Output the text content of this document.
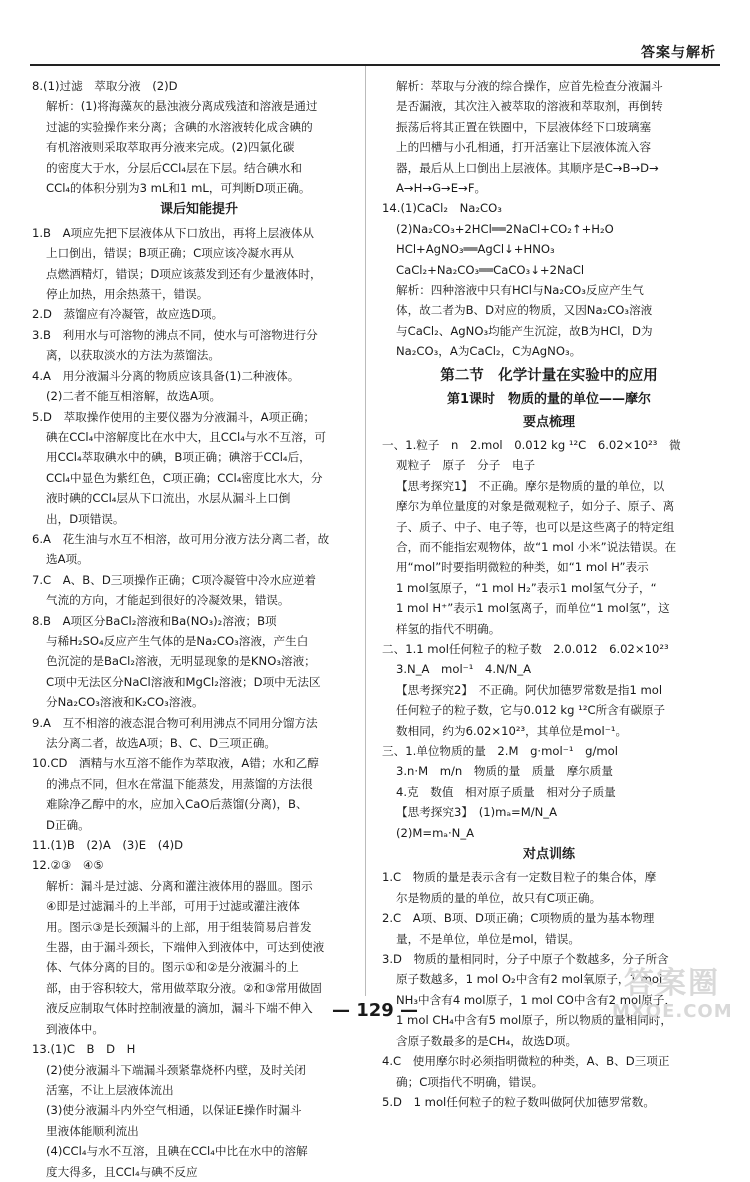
答案与解析

8.(1)过滤　萃取分液　(2)D

解析：(1)将海藻灰的悬浊液分离成残渣和溶液是通过

过滤的实验操作来分离；含碘的水溶液转化成含碘的

有机溶液则采取萃取再分液来完成。(2)四氯化碳

的密度大于水，分层后CCl₄层在下层。结合碘水和

CCl₄的体积分别为3 mL和1 mL，可判断D项正确。

课后知能提升

1.B　A项应先把下层液体从下口放出，再将上层液体从

上口倒出，错误；B项正确；C项应该冷凝水再从

点燃酒精灯，错误；D项应该蒸发到还有少量液体时，

停止加热，用余热蒸干，错误。

2.D　蒸馏应有冷凝管，故应选D项。

3.B　利用水与可溶物的沸点不同，使水与可溶物进行分

离，以获取淡水的方法为蒸馏法。

4.A　用分液漏斗分离的物质应该具备(1)二种液体。

(2)二者不能互相溶解，故选A项。

5.D　萃取操作使用的主要仪器为分液漏斗，A项正确；

碘在CCl₄中溶解度比在水中大，且CCl₄与水不互溶，可

用CCl₄萃取碘水中的碘，B项正确；碘溶于CCl₄后，

CCl₄中显色为紫红色，C项正确；CCl₄密度比水大，分

液时碘的CCl₄层从下口流出，水层从漏斗上口倒

出，D项错误。

6.A　花生油与水互不相溶，故可用分液方法分离二者，故

选A项。

7.C　A、B、D三项操作正确；C项冷凝管中冷水应逆着

气流的方向，才能起到很好的冷凝效果，错误。

8.B　A项区分BaCl₂溶液和Ba(NO₃)₂溶液；B项

与稀H₂SO₄反应产生气体的是Na₂CO₃溶液，产生白

色沉淀的是BaCl₂溶液，无明显现象的是KNO₃溶液；

C项中无法区分NaCl溶液和MgCl₂溶液；D项中无法区

分Na₂CO₃溶液和K₂CO₃溶液。

9.A　互不相溶的液态混合物可利用沸点不同用分馏方法

法分离二者，故选A项；B、C、D三项正确。

10.CD　酒精与水互溶不能作为萃取液，A错；水和乙醇

的沸点不同，但水在常温下能蒸发，用蒸馏的方法很

难除净乙醇中的水，应加入CaO后蒸馏(分离)，B、

D正确。

11.(1)B　(2)A　(3)E　(4)D

12.②③　④⑤

解析：漏斗是过滤、分离和灌注液体用的器皿。图示

④即是过滤漏斗的上半部，可用于过滤或灌注液体

用。图示③是长颈漏斗的上部，用于组装简易启普发

生器，由于漏斗颈长，下端伸入到液体中，可达到使液

体、气体分离的目的。图示①和②是分液漏斗的上

部，由于容积较大，常用做萃取分液。②和③常用做固

液反应制取气体时控制液量的滴加，漏斗下端不伸入

到液体中。

13.(1)C　B　D　H

(2)使分液漏斗下端漏斗颈紧靠烧杯内壁，及时关闭

活塞，不让上层液体流出

(3)使分液漏斗内外空气相通，以保证E操作时漏斗

里液体能顺利流出

(4)CCl₄与水不互溶，且碘在CCl₄中比在水中的溶解

度大得多，且CCl₄与碘不反应

解析：萃取与分液的综合操作，应首先检查分液漏斗

是否漏液，其次注入被萃取的溶液和萃取剂，再倒转

振荡后将其正置在铁圈中，下层液体经下口玻璃塞

上的凹槽与小孔相通，打开活塞让下层液体流入容

器，最后从上口倒出上层液体。其顺序是C→B→D→

A→H→G→E→F。

14.(1)CaCl₂　Na₂CO₃

(2)Na₂CO₃+2HCl══2NaCl+CO₂↑+H₂O

HCl+AgNO₃══AgCl↓+HNO₃

CaCl₂+Na₂CO₃══CaCO₃↓+2NaCl

解析：四种溶液中只有HCl与Na₂CO₃反应产生气

体，故二者为B、D对应的物质，又因Na₂CO₃溶液

与CaCl₂、AgNO₃均能产生沉淀，故B为HCl，D为

Na₂CO₃，A为CaCl₂，C为AgNO₃。

第二节　化学计量在实验中的应用

第1课时　物质的量的单位——摩尔

要点梳理

一、1.粒子　n　2.mol　0.012 kg ¹²C　6.02×10²³　微

观粒子　原子　分子　电子

【思考探究1】　不正确。摩尔是物质的量的单位，以

摩尔为单位量度的对象是微观粒子，如分子、原子、离

子、质子、中子、电子等，也可以是这些离子的特定组

合，而不能指宏观物体，故“1 mol 小米”说法错误。在

用“mol”时要指明微粒的种类，如“1 mol H”表示

1 mol氢原子，“1 mol H₂”表示1 mol氢气分子，“

1 mol H⁺”表示1 mol氢离子，而单位“1 mol氢”，这

样氢的指代不明确。

二、1.1 mol任何粒子的粒子数　2.0.012　6.02×10²³

3.N_A　mol⁻¹　4.N/N_A

【思考探究2】　不正确。阿伏加德罗常数是指1 mol

任何粒子的粒子数，它与0.012 kg ¹²C所含有碳原子

数相同，约为6.02×10²³，其单位是mol⁻¹。

三、1.单位物质的量　2.M　g·mol⁻¹　g/mol

3.n·M　m/n　物质的量　质量　摩尔质量

4.克　数值　相对原子质量　相对分子质量

【思考探究3】　(1)mₐ=M/N_A

(2)M=mₐ·N_A

对点训练

1.C　物质的量是表示含有一定数目粒子的集合体，摩

尔是物质的量的单位，故只有C项正确。

2.C　A项、B项、D项正确；C项物质的量为基本物理

量，不是单位，单位是mol，错误。

3.D　物质的量相同时，分子中原子个数越多，分子所含

原子数越多，1 mol O₂中含有2 mol氧原子，1 mol

NH₃中含有4 mol原子，1 mol CO中含有2 mol原子，

1 mol CH₄中含有5 mol原子，所以物质的量相同时，

含原子数最多的是CH₄，故选D项。

4.C　使用摩尔时必须指明微粒的种类，A、B、D三项正

确；C项指代不明确，错误。

5.D　1 mol任何粒子的粒子数叫做阿伏加德罗常数。

— 129 —
答案圈
MXQE.COM
